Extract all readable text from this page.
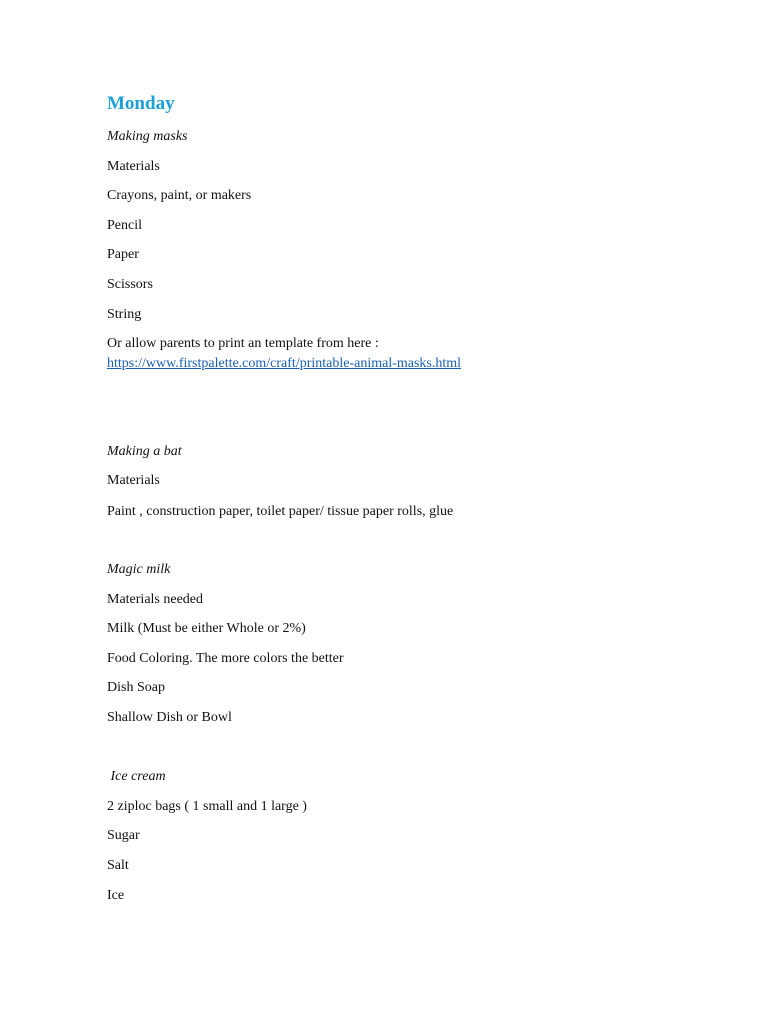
Monday

Making masks

Materials

Crayons, paint, or makers

Pencil

Paper

Scissors

String

Or allow parents to print an template from here :

https://www.firstpalette.com/craft/printable-animal-masks.html

Making a bat

Materials

Paint , construction paper, toilet paper/ tissue paper rolls, glue

Magic milk

Materials needed

Milk (Must be either Whole or 2%)

Food Coloring. The more colors the better

Dish Soap

Shallow Dish or Bowl

Ice cream

2 ziploc bags ( 1 small and 1 large )

Sugar

Salt

Ice
